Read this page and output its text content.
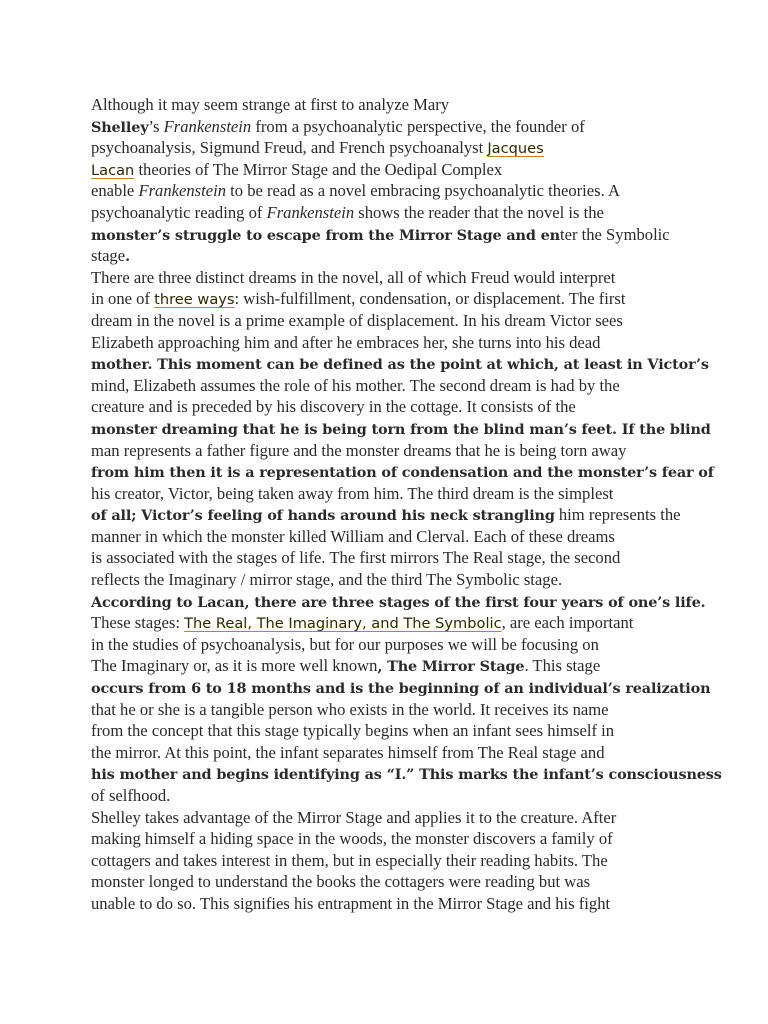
Although it may seem strange at first to analyze Mary
Shelley’s Frankenstein from a psychoanalytic perspective, the founder of
psychoanalysis, Sigmund Freud, and French psychoanalyst Jacques
Lacan theories of The Mirror Stage and the Oedipal Complex
enable Frankenstein to be read as a novel embracing psychoanalytic theories. A
psychoanalytic reading of Frankenstein shows the reader that the novel is the
monster’s struggle to escape from the Mirror Stage and enter the Symbolic
stage.
There are three distinct dreams in the novel, all of which Freud would interpret
in one of three ways: wish-fulfillment, condensation, or displacement. The first
dream in the novel is a prime example of displacement. In his dream Victor sees
Elizabeth approaching him and after he embraces her, she turns into his dead
mother. This moment can be defined as the point at which, at least in Victor’s
mind, Elizabeth assumes the role of his mother. The second dream is had by the
creature and is preceded by his discovery in the cottage. It consists of the
monster dreaming that he is being torn from the blind man’s feet. If the blind
man represents a father figure and the monster dreams that he is being torn away
from him then it is a representation of condensation and the monster’s fear of
his creator, Victor, being taken away from him. The third dream is the simplest
of all; Victor’s feeling of hands around his neck strangling him represents the
manner in which the monster killed William and Clerval. Each of these dreams
is associated with the stages of life. The first mirrors The Real stage, the second
reflects the Imaginary / mirror stage, and the third The Symbolic stage.
According to Lacan, there are three stages of the first four years of one’s life.
These stages: The Real, The Imaginary, and The Symbolic, are each important
in the studies of psychoanalysis, but for our purposes we will be focusing on
The Imaginary or, as it is more well known, The Mirror Stage. This stage
occurs from 6 to 18 months and is the beginning of an individual’s realization
that he or she is a tangible person who exists in the world. It receives its name
from the concept that this stage typically begins when an infant sees himself in
the mirror. At this point, the infant separates himself from The Real stage and
his mother and begins identifying as “I.” This marks the infant’s consciousness
of selfhood.
Shelley takes advantage of the Mirror Stage and applies it to the creature. After
making himself a hiding space in the woods, the monster discovers a family of
cottagers and takes interest in them, but in especially their reading habits. The
monster longed to understand the books the cottagers were reading but was
unable to do so. This signifies his entrapment in the Mirror Stage and his fight
